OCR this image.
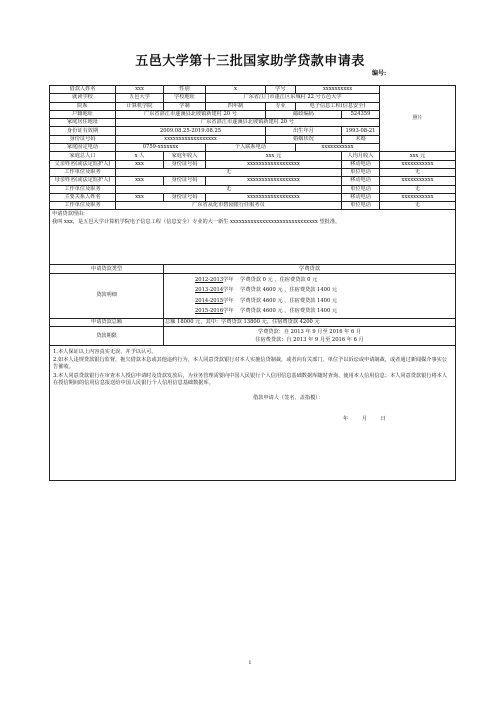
五邑大学第十三批国家助学贷款申请表
编号:
借款人姓名	xxx	性别	x	学号	xxxxxxxxxx		照片
就读学校	五邑大学	学校地址	广东省江门市蓬江区东城村 22 号五邑大学				
院系	计算机学院	学制	四年制	专业	电子信息工程(信息安全)		
户籍地址	广东省湛江市遂溪县北坡镇新建村 20 号			邮政编码		524359	
家庭居住地址	广东省湛江市遂溪县北坡镇新建村 20 号						
身份证有效期	2009.08.25-2019.08.25			出生年月		1993-08-21	
身份证号码	xxxxxxxxxxxxxxxxxx			婚姻状况		未婚	
家庭固定电话	0759-xxxxxxx		个人联系电话		xxxxxxxxxxx		
家庭总人口	x 人	家庭年收入	xxx 元			人均月收入	xxx 元
父亲姓名(或法定监护人)	xxx	身份证号码	xxxxxxxxxxxxxxxxxx			移动电话	xxxxxxxxxxx
工作单位及职务	无					单位电话	无
母亲姓名(或法定监护人)	xxx	身份证号码	xxxxxxxxxxxxxxxxxx			移动电话	xxxxxxxxxxx
工作单位及职务	无					单位电话	无
主要关系人姓名	xxx	身份证号码	xxxxxxxxxxxxxxxxxx			移动电话	xxxxxxxxxxx
工作单位及职务	广东省从化市碧园银行任服务员					单位电话	无

申请贷款理由:
我叫 xxx，是五邑大学计算机学院电子信息工程（信息安全）专业的大一新生 xxxxxxxxxxxxxxxxxxxxxxxxxxxxxx 望批准。							

申请贷款类型		学费贷款					
贷款明细		2012-2013学年 学费贷款 0 元 ，住宿费贷款 0 元
2013-2014学年 学费贷款 4600 元 ，住宿费贷款 1400 元
2014-2015学年 学费贷款 4600 元 ，住宿费贷款 1400 元
2015-2016学年 学费贷款 4600 元 ，住宿费贷款 1400 元					

申请贷款总额		总额 18000 元，其中：学费贷款 13800 元，住宿费贷款 4200 元					
贷款期限		学费贷款：自 2013 年 9 月至 2016 年 6 月
住宿费贷款：自 2013 年 9 月至 2016 年 6 月					

1.本人保证以上内容真实无误，并予以认可。

2.如本人违规贷款银行监督，拖欠借款本息或其他违约行为，本人同意贷款银行对本人实施信贷制裁，或者向有关部门、单位予以诉讼或申请制裁，或者通过新闻媒介事实公告催收。

3.本人同意贷款银行在审查本人授信申请时及贷款发放后，为业务管理需要向中国人民银行个人信用信息基础数据库随时查询、使用本人信用信息；本人同意贷款银行将本人在授信期间的信用信息报送给中国人民银行个人信用信息基础数据库。

借款申请人（签名、盖指模）：
年 月 日							
1
